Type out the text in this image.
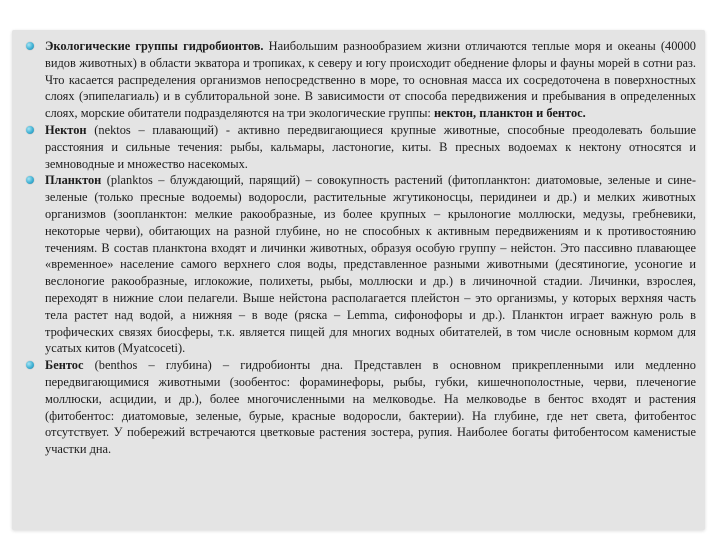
Экологические группы гидробионтов. Наибольшим разнообразием жизни отличаются теплые моря и океаны (40000 видов животных) в области экватора и тропиках, к северу и югу происходит обеднение флоры и фауны морей в сотни раз. Что касается распределения организмов непосредственно в море, то основная масса их сосредоточена в поверхностных слоях (эпипелагиаль) и в сублиторальной зоне. В зависимости от способа передвижения и пребывания в определенных слоях, морские обитатели подразделяются на три экологические группы: нектон, планктон и бентос.
Нектон (nektos – плавающий) - активно передвигающиеся крупные животные, способные преодолевать большие расстояния и сильные течения: рыбы, кальмары, ластоногие, киты. В пресных водоемах к нектону относятся и земноводные и множество насекомых.
Планктон (planktos – блуждающий, парящий) – совокупность растений (фитопланктон: диатомовые, зеленые и сине-зеленые (только пресные водоемы) водоросли, растительные жгутиконосцы, перидинеи и др.) и мелких животных организмов (зоопланктон: мелкие ракообразные, из более крупных – крылоногие моллюски, медузы, гребневики, некоторые черви), обитающих на разной глубине, но не способных к активным передвижениям и к противостоянию течениям. В состав планктона входят и личинки животных, образуя особую группу – нейстон. Это пассивно плавающее «временное» население самого верхнего слоя воды, представленное разными животными (десятиногие, усоногие и веслоногие ракообразные, иглокожие, полихеты, рыбы, моллюски и др.) в личиночной стадии. Личинки, взрослея, переходят в нижние слои пелагели. Выше нейстона располагается плейстон – это организмы, у которых верхняя часть тела растет над водой, а нижняя – в воде (ряска – Lemma, сифонофоры и др.). Планктон играет важную роль в трофических связях биосферы, т.к. является пищей для многих водных обитателей, в том числе основным кормом для усатых китов (Myatcoceti).
Бентос (benthos – глубина) – гидробионты дна. Представлен в основном прикрепленными или медленно передвигающимися животными (зообентос: фораминефоры, рыбы, губки, кишечнополостные, черви, плеченогие моллюски, асцидии, и др.), более многочисленными на мелководье. На мелководье в бентос входят и растения (фитобентос: диатомовые, зеленые, бурые, красные водоросли, бактерии). На глубине, где нет света, фитобентос отсутствует. У побережий встречаются цветковые растения зостера, рупия. Наиболее богаты фитобентосом каменистые участки дна.
